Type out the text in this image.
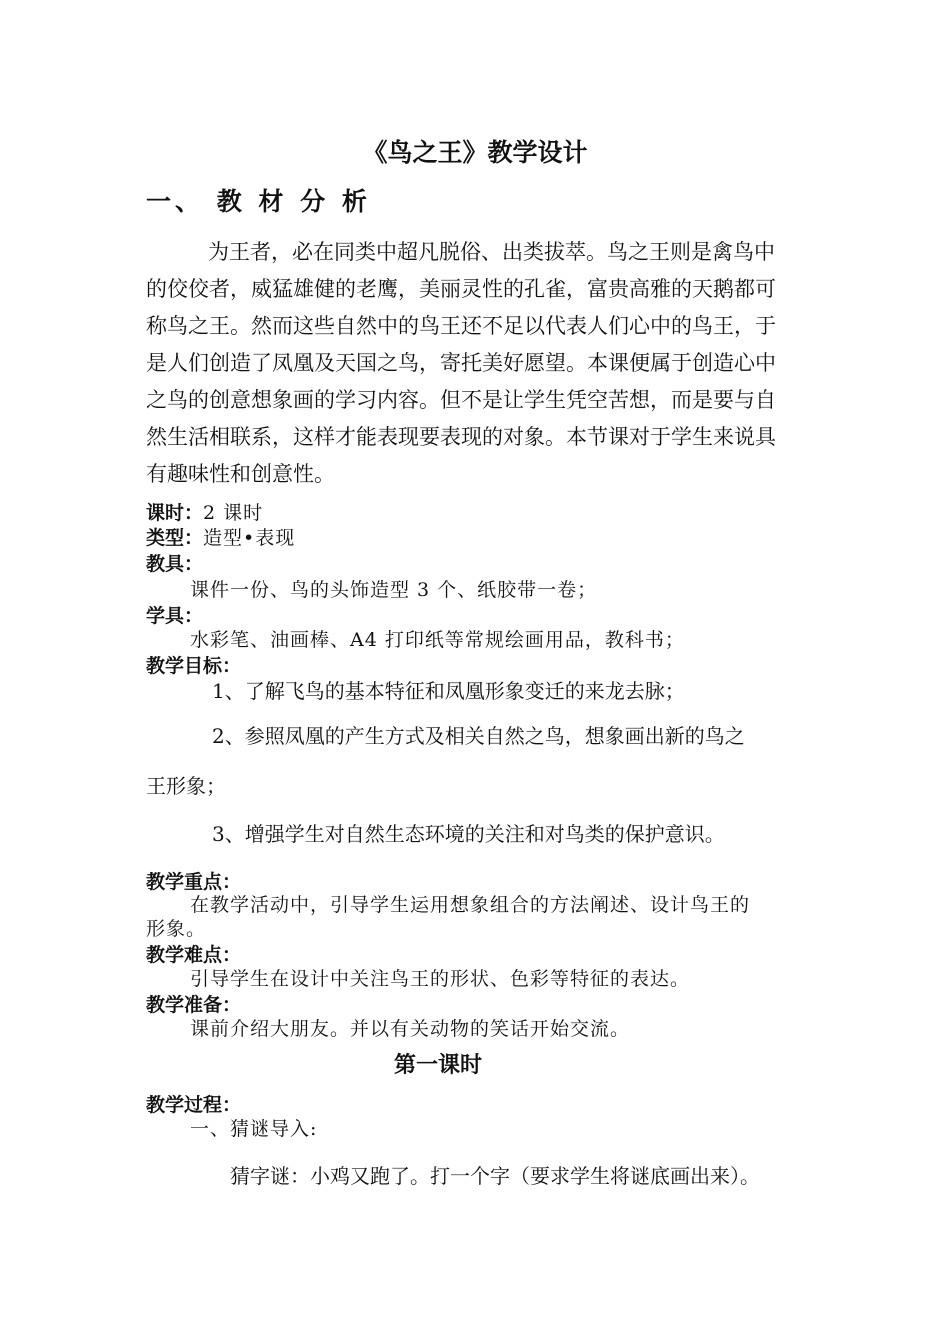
《鸟之王》教学设计
一、 教 材 分 析
为王者，必在同类中超凡脱俗、出类拔萃。鸟之王则是禽鸟中
的佼佼者，威猛雄健的老鹰，美丽灵性的孔雀，富贵高雅的天鹅都可
称鸟之王。然而这些自然中的鸟王还不足以代表人们心中的鸟王，于
是人们创造了凤凰及天国之鸟，寄托美好愿望。本课便属于创造心中
之鸟的创意想象画的学习内容。但不是让学生凭空苦想，而是要与自
然生活相联系，这样才能表现要表现的对象。本节课对于学生来说具
有趣味性和创意性。
课时：2 课时
类型：造型•表现
教具：
课件一份、鸟的头饰造型 3 个、纸胶带一卷；
学具：
水彩笔、油画棒、A4 打印纸等常规绘画用品，教科书；
教学目标：
1、了解飞鸟的基本特征和凤凰形象变迁的来龙去脉；
2、参照凤凰的产生方式及相关自然之鸟，想象画出新的鸟之
王形象；
3、增强学生对自然生态环境的关注和对鸟类的保护意识。
教学重点：
在教学活动中，引导学生运用想象组合的方法阐述、设计鸟王的
形象。
教学难点：
引导学生在设计中关注鸟王的形状、色彩等特征的表达。
教学准备：
课前介绍大朋友。并以有关动物的笑话开始交流。
第一课时
教学过程：
一、猜谜导入:
猜字谜：小鸡又跑了。打一个字（要求学生将谜底画出来）。
